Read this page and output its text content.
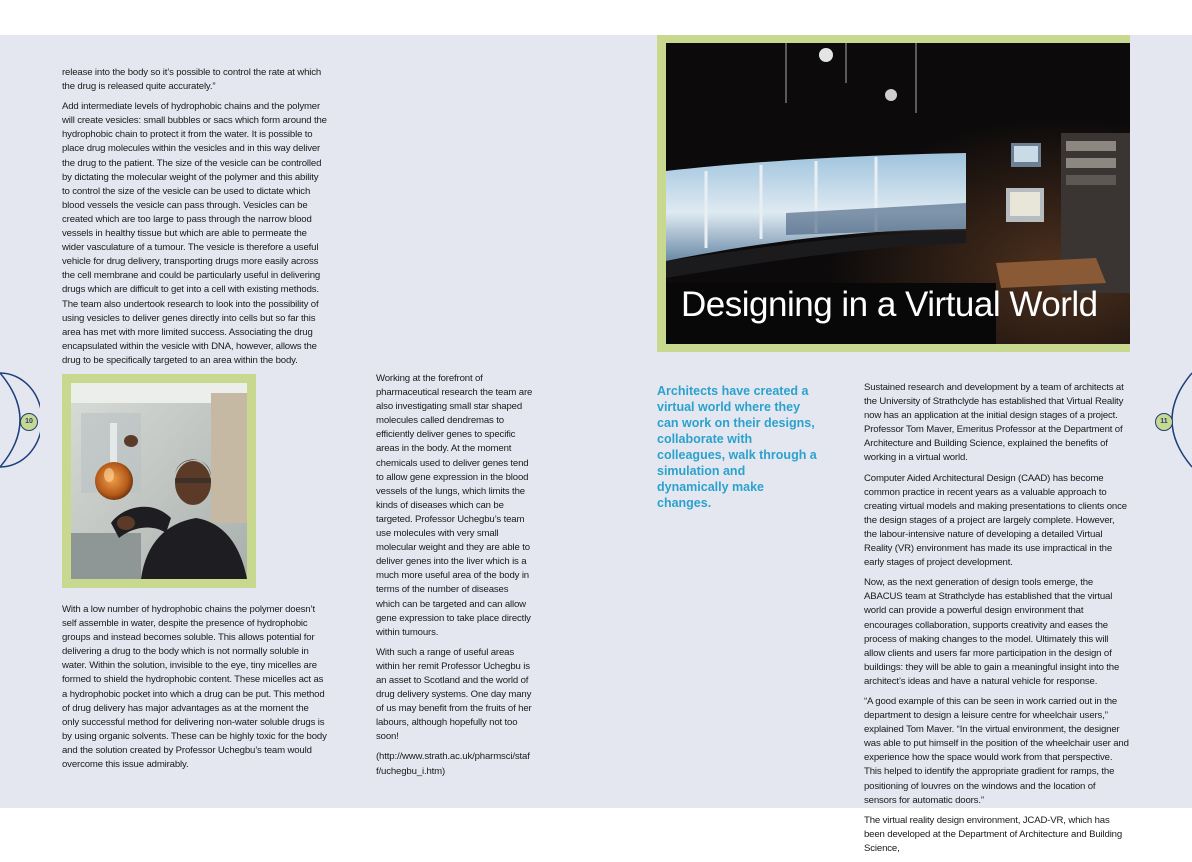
10	11

release into the body so it’s possible to control the rate at which the drug is released quite accurately.”

Add intermediate levels of hydrophobic chains and the polymer will create vesicles: small bubbles or sacs which form around the hydrophobic chain to protect it from the water. It is possible to place drug molecules within the vesicles and in this way deliver the drug to the patient. The size of the vesicle can be controlled by dictating the molecular weight of the polymer and this ability to control the size of the vesicle can be used to dictate which blood vessels the vesicle can pass through. Vesicles can be created which are too large to pass through the narrow blood vessels in healthy tissue but which are able to permeate the wider vasculature of a tumour. The vesicle is therefore a useful vehicle for drug delivery, transporting drugs more easily across the cell membrane and could be particularly useful in delivering drugs which are difficult to get into a cell with existing methods. The team also undertook research to look into the possibility of using vesicles to deliver genes directly into cells but so far this area has met with more limited success. Associating the drug encapsulated within the vesicle with DNA, however, allows the drug to be specifically targeted to an area within the body.

With a low number of hydrophobic chains the polymer doesn’t self assemble in water, despite the presence of hydrophobic groups and instead becomes soluble. This allows potential for delivering a drug to the body which is not normally soluble in water. Within the solution, invisible to the eye, tiny micelles are formed to shield the hydrophobic content. These micelles act as a hydrophobic pocket into which a drug can be put. This method of drug delivery has major advantages as at the moment the only successful method for delivering non-water soluble drugs is by using organic solvents. These can be highly toxic for the body and the solution created by Professor Uchegbu’s team would overcome this issue admirably.

Working at the forefront of pharmaceutical research the team are also investigating small star shaped molecules called dendremas to efficiently deliver genes to specific areas in the body. At the moment chemicals used to deliver genes tend to allow gene expression in the blood vessels of the lungs, which limits the kinds of diseases which can be targeted. Professor Uchegbu’s team use molecules with very small molecular weight and they are able to deliver genes into the liver which is a much more useful area of the body in terms of the number of diseases which can be targeted and can allow gene expression to take place directly within tumours.

With such a range of useful areas within her remit Professor Uchegbu is an asset to Scotland and the world of drug delivery systems. One day many of us may benefit from the fruits of her labours, although hopefully not too soon!

(http://www.strath.ac.uk/pharmsci/staff/uchegbu_i.htm)

Designing in a Virtual World
Architects have created a virtual world where they can work on their designs, collaborate with colleagues, walk through a simulation and dynamically make changes.

Sustained research and development by a team of architects at the University of Strathclyde has established that Virtual Reality now has an application at the initial design stages of a project. Professor Tom Maver, Emeritus Professor at the Department of Architecture and Building Science, explained the benefits of working in a virtual world.

Computer Aided Architectural Design (CAAD) has become common practice in recent years as a valuable approach to creating virtual models and making presentations to clients once the design stages of a project are largely complete. However, the labour-intensive nature of developing a detailed Virtual Reality (VR) environment has made its use impractical in the early stages of project development.

Now, as the next generation of design tools emerge, the ABACUS team at Strathclyde has established that the virtual world can provide a powerful design environment that encourages collaboration, supports creativity and eases the process of making changes to the model. Ultimately this will allow clients and users far more participation in the design of buildings: they will be able to gain a meaningful insight into the architect’s ideas and have a natural vehicle for response.

“A good example of this can be seen in work carried out in the department to design a leisure centre for wheelchair users,” explained Tom Maver. “In the virtual environment, the designer was able to put himself in the position of the wheelchair user and experience how the space would work from that perspective. This helped to identify the appropriate gradient for ramps, the positioning of louvres on the windows and the location of sensors for automatic doors.”

The virtual reality design environment, JCAD-VR, which has been developed at the Department of Architecture and Building Science,
